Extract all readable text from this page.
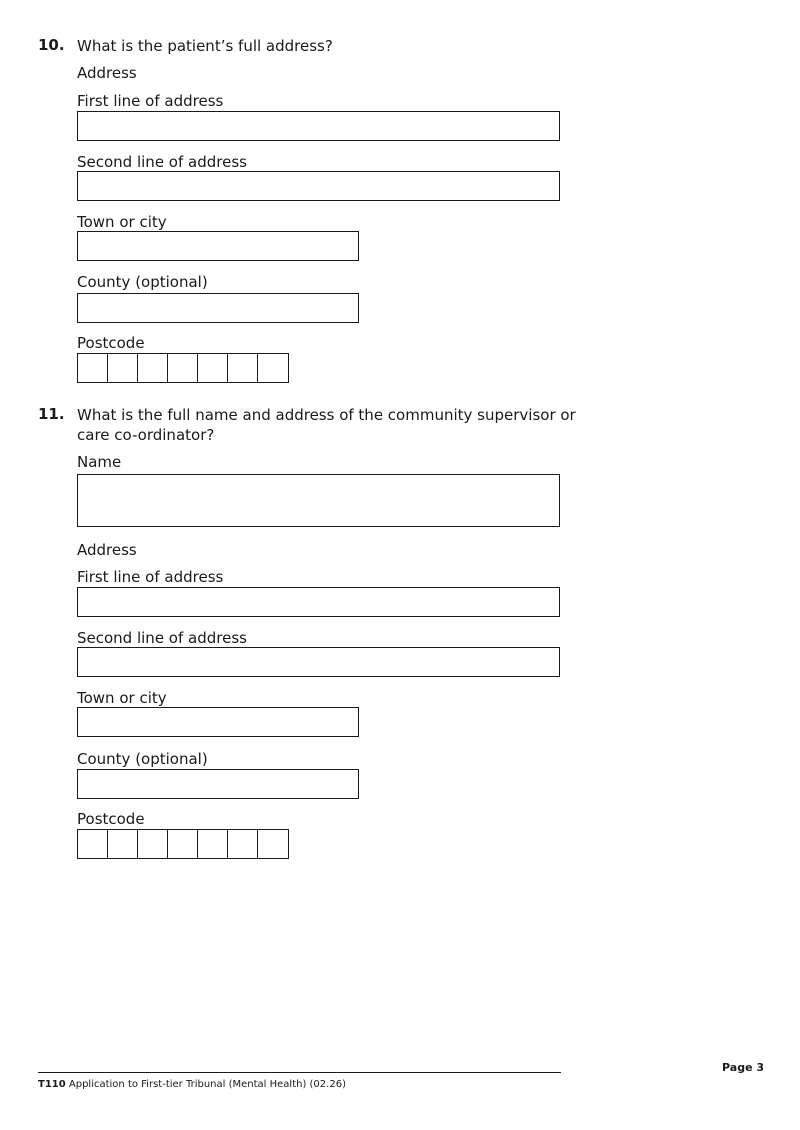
10. What is the patient’s full address?
Address
First line of address
Second line of address
Town or city
County (optional)
Postcode
11. What is the full name and address of the community supervisor or
care co-ordinator?
Name
Address
First line of address
Second line of address
Town or city
County (optional)
Postcode
T110 Application to First-tier Tribunal (Mental Health) (02.26)
Page 3
